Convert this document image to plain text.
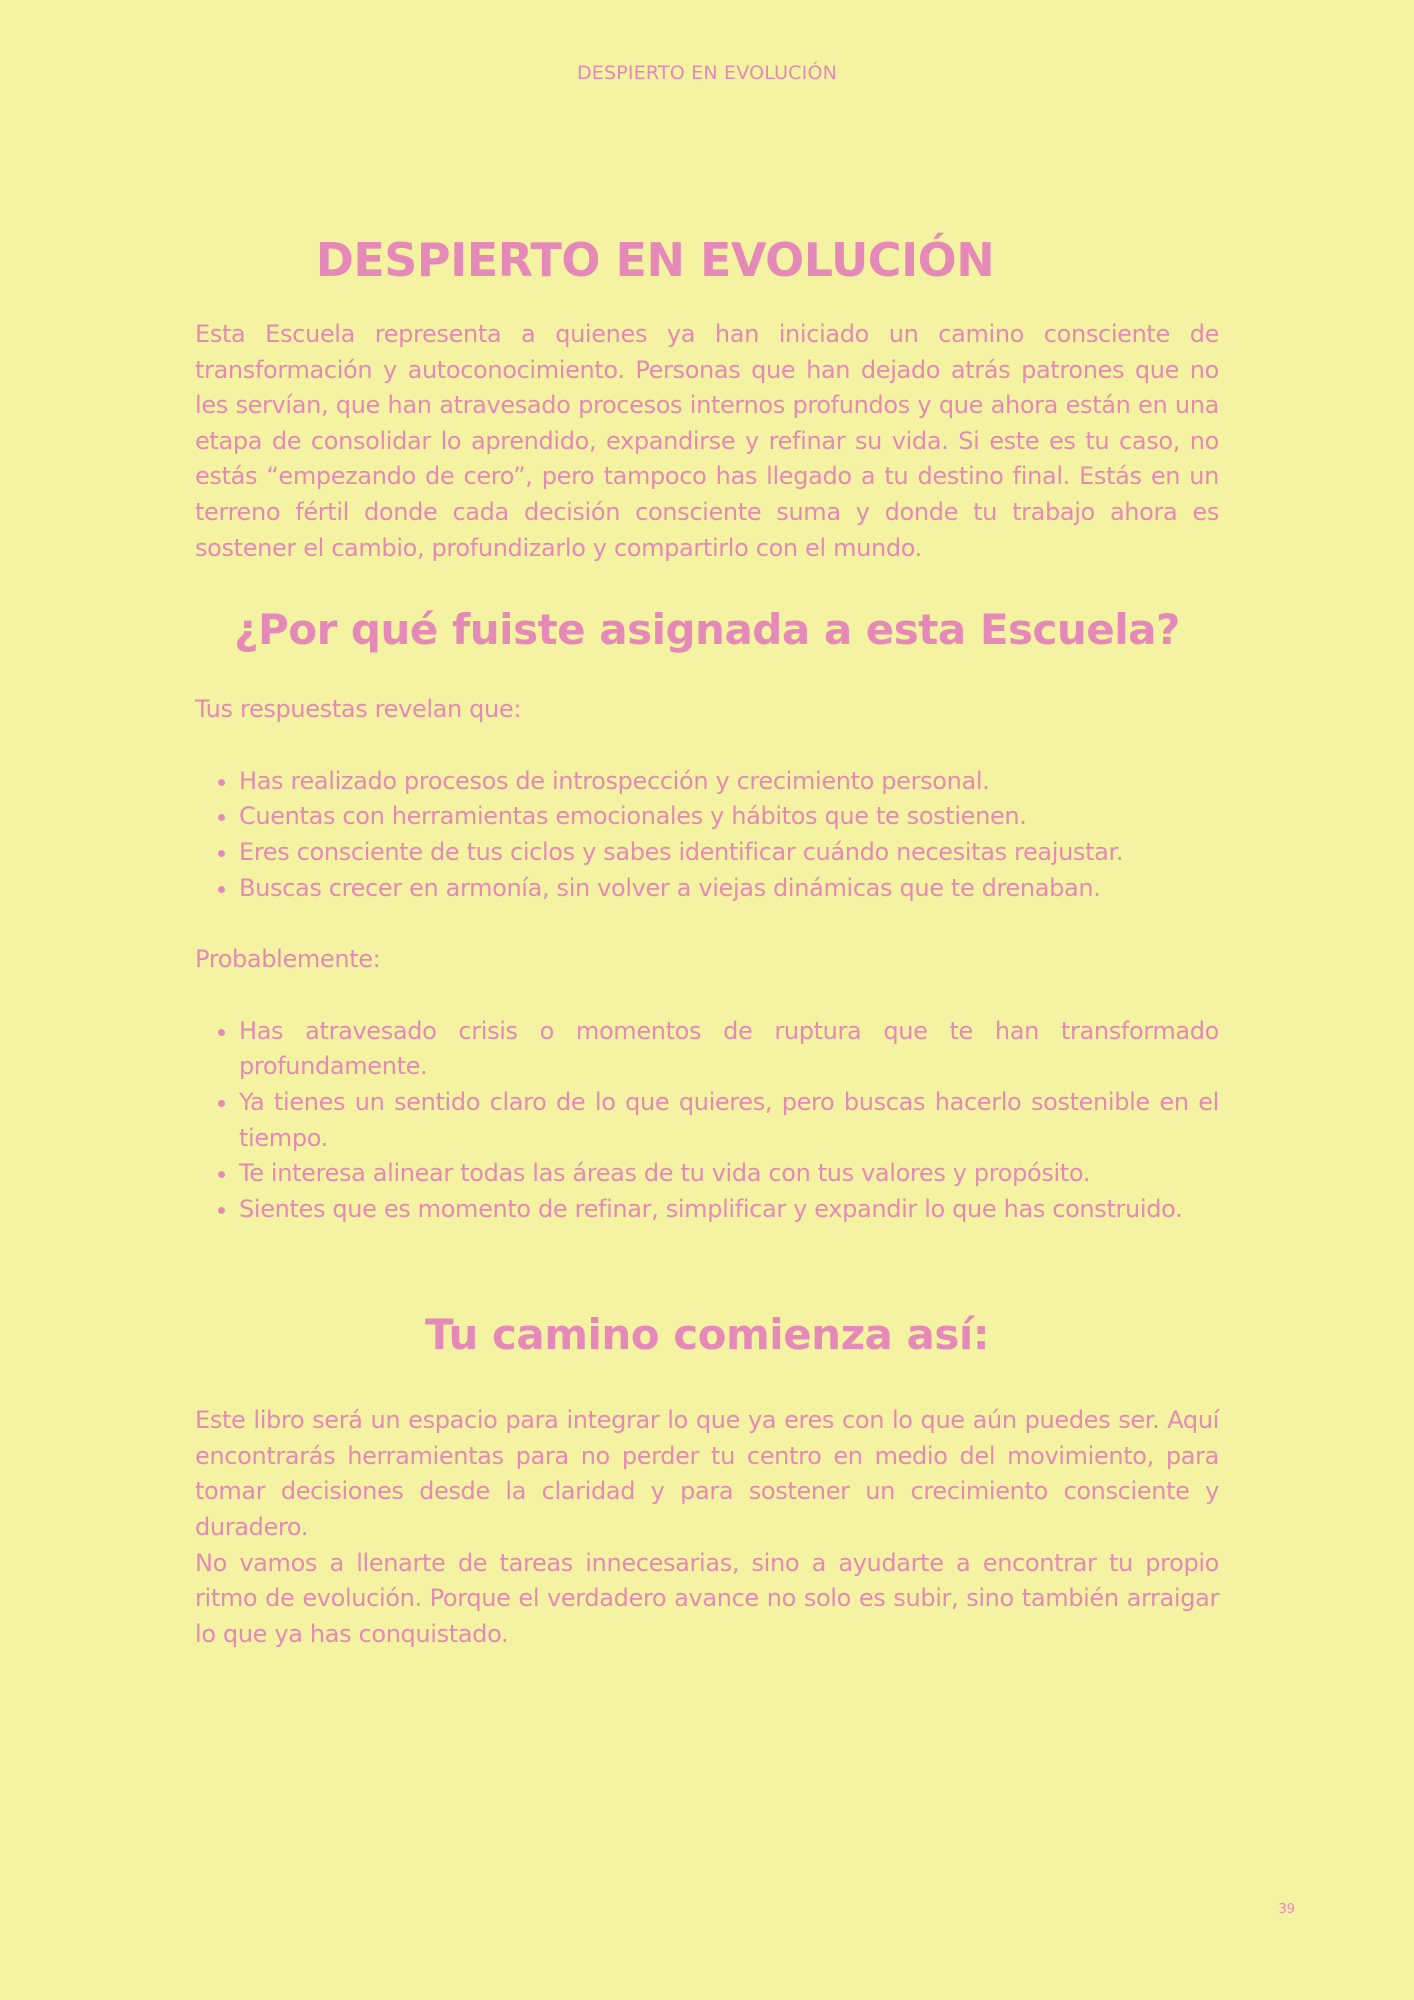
DESPIERTO EN EVOLUCIÓN
DESPIERTO EN EVOLUCIÓN

Esta Escuela representa a quienes ya han iniciado un camino consciente de transformación y autoconocimiento. Personas que han dejado atrás patrones que no les servían, que han atravesado procesos internos profundos y que ahora están en una etapa de consolidar lo aprendido, expandirse y refinar su vida. Si este es tu caso, no estás “empezando de cero”, pero tampoco has llegado a tu destino final. Estás en un terreno fértil donde cada decisión consciente suma y donde tu trabajo ahora es sostener el cambio, profundizarlo y compartirlo con el mundo.

¿Por qué fuiste asignada a esta Escuela?

Tus respuestas revelan que:

• Has realizado procesos de introspección y crecimiento personal.
• Cuentas con herramientas emocionales y hábitos que te sostienen.
• Eres consciente de tus ciclos y sabes identificar cuándo necesitas reajustar.
• Buscas crecer en armonía, sin volver a viejas dinámicas que te drenaban.

Probablemente:

• Has atravesado crisis o momentos de ruptura que te han transformado profundamente.
• Ya tienes un sentido claro de lo que quieres, pero buscas hacerlo sostenible en el tiempo.
• Te interesa alinear todas las áreas de tu vida con tus valores y propósito.
• Sientes que es momento de refinar, simplificar y expandir lo que has construido.
Tu camino comienza así:

Este libro será un espacio para integrar lo que ya eres con lo que aún puedes ser. Aquí encontrarás herramientas para no perder tu centro en medio del movimiento, para tomar decisiones desde la claridad y para sostener un crecimiento consciente y duradero.

No vamos a llenarte de tareas innecesarias, sino a ayudarte a encontrar tu propio ritmo de evolución. Porque el verdadero avance no solo es subir, sino también arraigar lo que ya has conquistado.

39
